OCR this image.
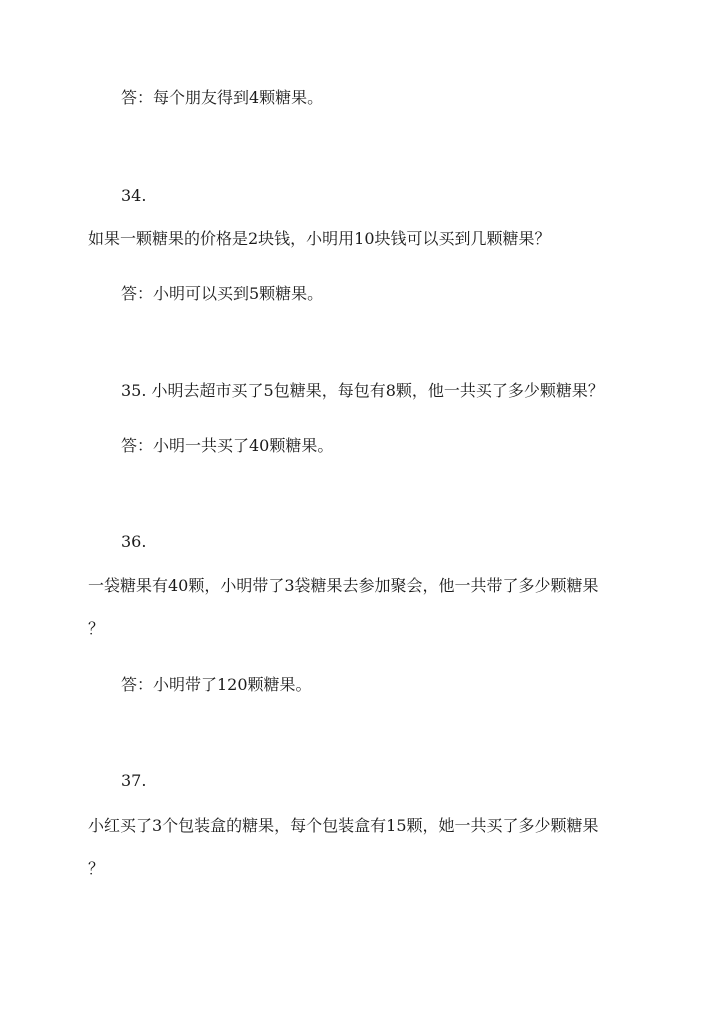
答：每个朋友得到4颗糖果。
34.
如果一颗糖果的价格是2块钱，小明用10块钱可以买到几颗糖果？
答：小明可以买到5颗糖果。
35. 小明去超市买了5包糖果，每包有8颗，他一共买了多少颗糖果？
答：小明一共买了40颗糖果。
36.
一袋糖果有40颗，小明带了3袋糖果去参加聚会，他一共带了多少颗糖果
？
答：小明带了120颗糖果。
37.
小红买了3个包装盒的糖果，每个包装盒有15颗，她一共买了多少颗糖果
？
